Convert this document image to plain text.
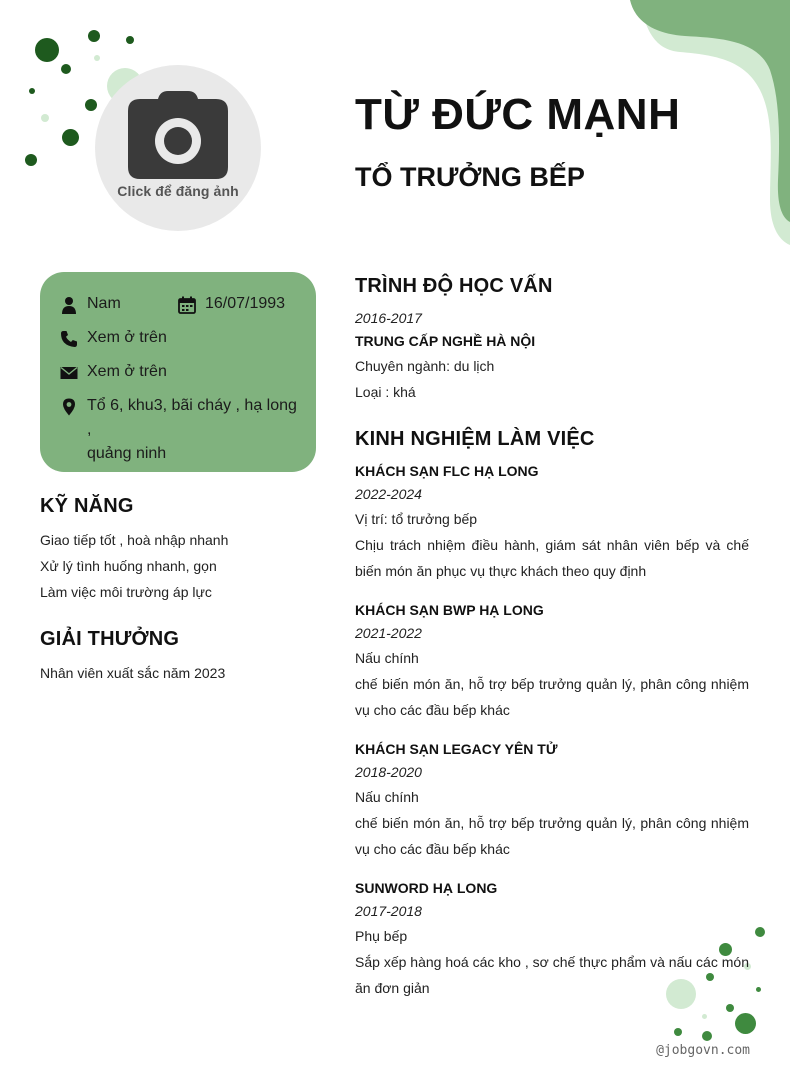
Click để đăng ảnh
TỪ ĐỨC MẠNH
TỔ TRƯỞNG BẾP
Nam	16/07/1993
Xem ở trên
Xem ở trên
Tổ 6, khu3, bãi cháy , hạ long ,
quảng ninh
KỸ NĂNG
Giao tiếp tốt , hoà nhập nhanh
Xử lý tình huống nhanh, gọn
Làm việc môi trường áp lực
GIẢI THƯỞNG
Nhân viên xuất sắc năm 2023
TRÌNH ĐỘ HỌC VẤN
2016-2017
TRUNG CẤP NGHỀ HÀ NỘI
Chuyên ngành: du lịch
Loại : khá
KINH NGHIỆM LÀM VIỆC
KHÁCH SẠN FLC HẠ LONG
2022-2024
Vị trí: tổ trưởng bếp
Chịu trách nhiệm điều hành, giám sát nhân viên bếp và chế biến món ăn phục vụ thực khách theo quy định
KHÁCH SẠN BWP HẠ LONG
2021-2022
Nấu chính
chế biến món ăn, hỗ trợ bếp trưởng quản lý, phân công nhiệm vụ cho các đầu bếp khác
KHÁCH SẠN LEGACY YÊN TỬ
2018-2020
Nấu chính
chế biến món ăn, hỗ trợ bếp trưởng quản lý, phân công nhiệm vụ cho các đầu bếp khác
SUNWORD HẠ LONG
2017-2018
Phụ bếp
Sắp xếp hàng hoá các kho , sơ chế thực phẩm và nấu các món ăn đơn giản
@jobgovn.com
